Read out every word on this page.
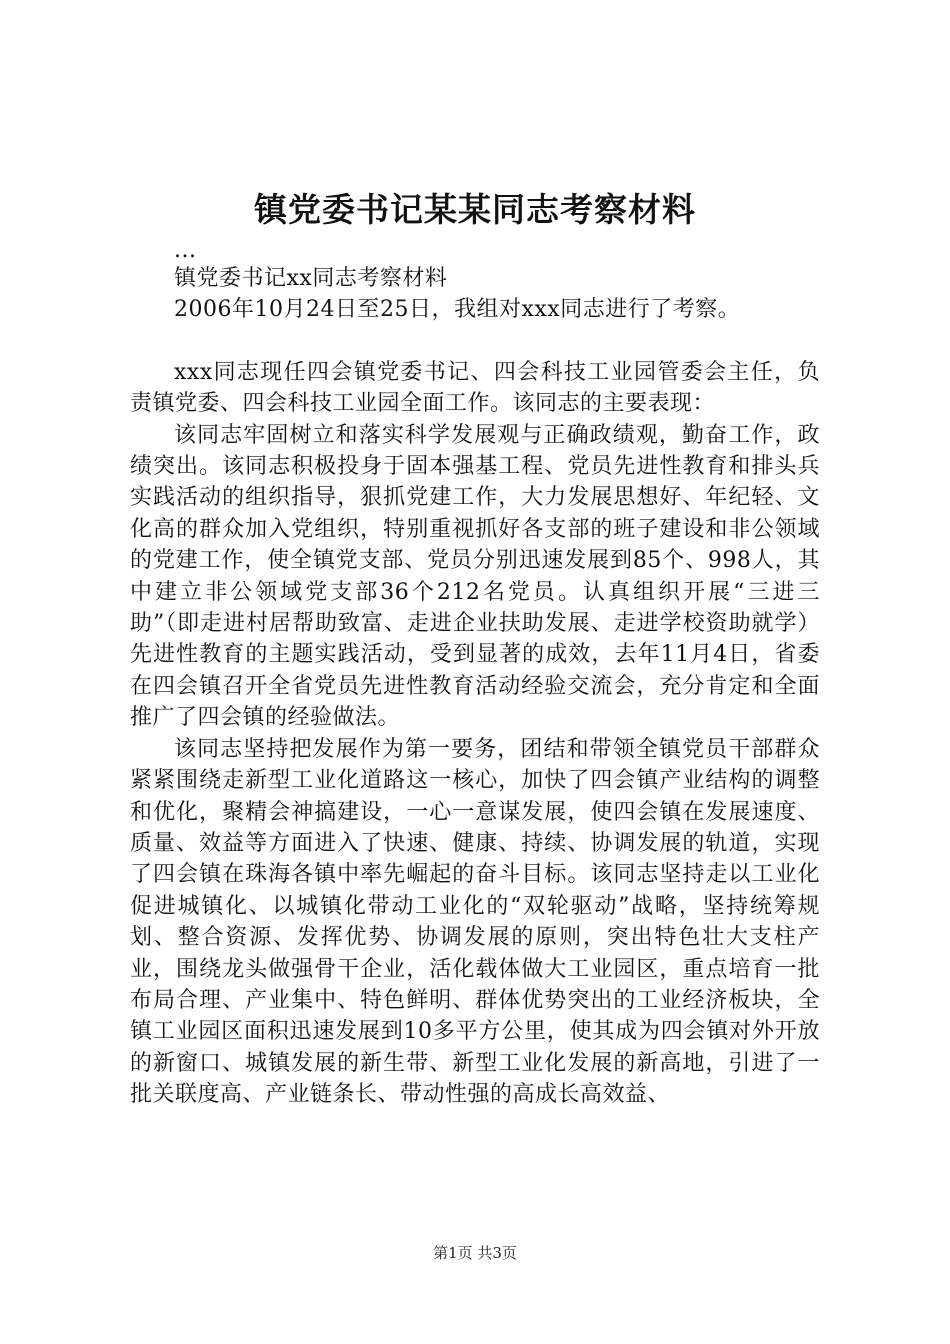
镇党委书记某某同志考察材料

...

镇党委书记xx同志考察材料

2006年10月24日至25日，我组对xxx同志进行了考察。

xxx同志现任四会镇党委书记、四会科技工业园管委会主任，负责镇党委、四会科技工业园全面工作。该同志的主要表现：

该同志牢固树立和落实科学发展观与正确政绩观，勤奋工作，政绩突出。该同志积极投身于固本强基工程、党员先进性教育和排头兵实践活动的组织指导，狠抓党建工作，大力发展思想好、年纪轻、文化高的群众加入党组织，特别重视抓好各支部的班子建设和非公领域的党建工作，使全镇党支部、党员分别迅速发展到85个、998人，其中建立非公领域党支部36个212名党员。认真组织开展“三进三助”（即走进村居帮助致富、走进企业扶助发展、走进学校资助就学）先进性教育的主题实践活动，受到显著的成效，去年11月4日，省委在四会镇召开全省党员先进性教育活动经验交流会，充分肯定和全面推广了四会镇的经验做法。

该同志坚持把发展作为第一要务，团结和带领全镇党员干部群众紧紧围绕走新型工业化道路这一核心，加快了四会镇产业结构的调整和优化，聚精会神搞建设，一心一意谋发展，使四会镇在发展速度、质量、效益等方面进入了快速、健康、持续、协调发展的轨道，实现了四会镇在珠海各镇中率先崛起的奋斗目标。该同志坚持走以工业化促进城镇化、以城镇化带动工业化的“双轮驱动”战略，坚持统筹规划、整合资源、发挥优势、协调发展的原则，突出特色壮大支柱产业，围绕龙头做强骨干企业，活化载体做大工业园区，重点培育一批布局合理、产业集中、特色鲜明、群体优势突出的工业经济板块，全镇工业园区面积迅速发展到10多平方公里，使其成为四会镇对外开放的新窗口、城镇发展的新生带、新型工业化发展的新高地，引进了一批关联度高、产业链条长、带动性强的高成长高效益、

第1页 共3页
